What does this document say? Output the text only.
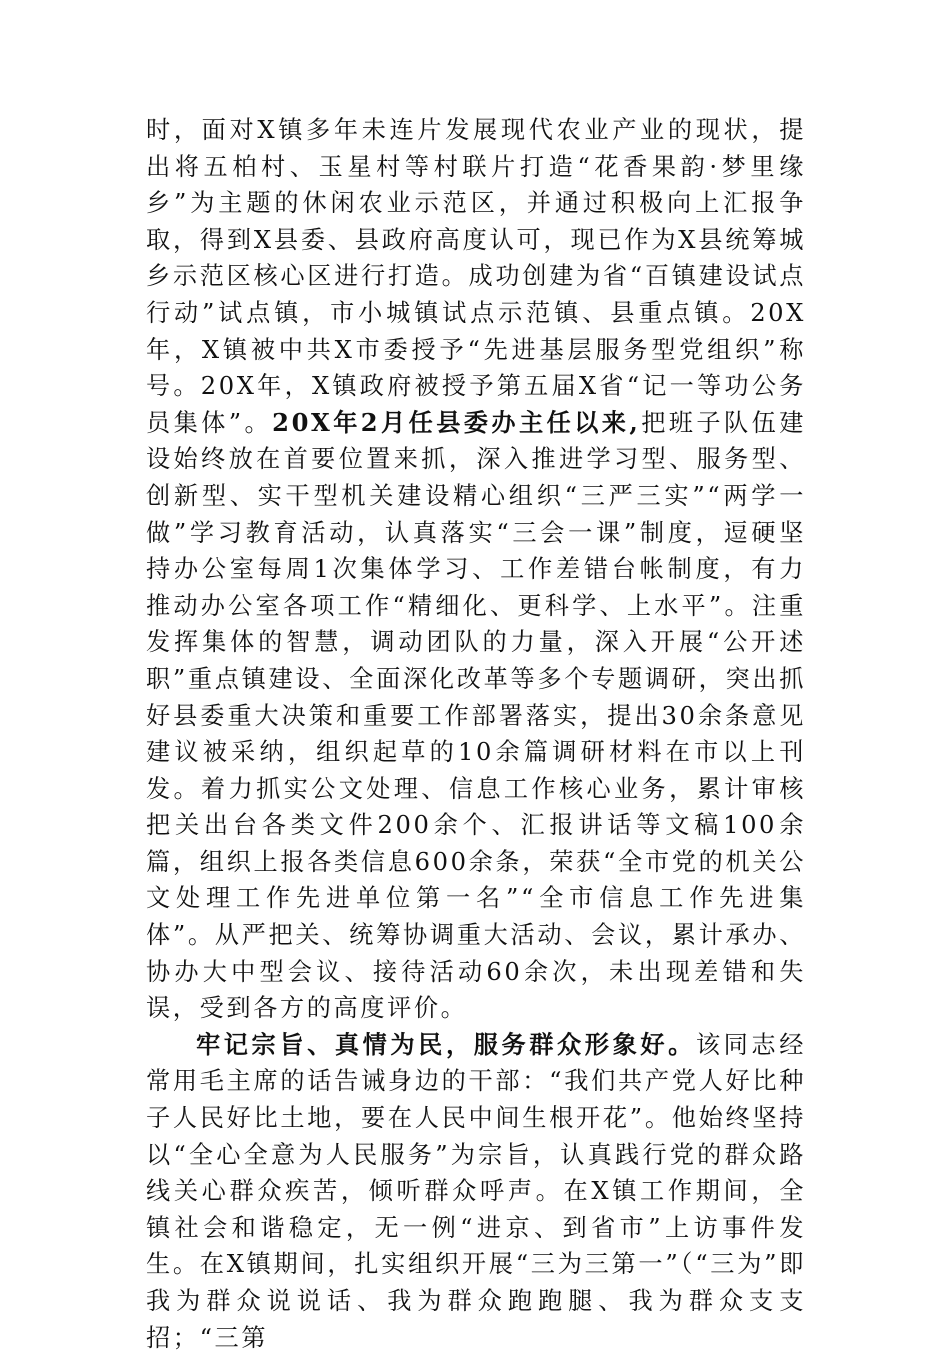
时，面对X镇多年未连片发展现代农业产业的现状，提出将五柏村、玉星村等村联片打造“花香果韵·梦里缘乡”为主题的休闲农业示范区，并通过积极向上汇报争取，得到X县委、县政府高度认可，现已作为X县统筹城乡示范区核心区进行打造。成功创建为省“百镇建设试点行动”试点镇，市小城镇试点示范镇、县重点镇。20X年，X镇被中共X市委授予“先进基层服务型党组织”称号。20X年，X镇政府被授予第五届X省“记一等功公务员集体”。20X年2月任县委办主任以来,把班子队伍建设始终放在首要位置来抓，深入推进学习型、服务型、创新型、实干型机关建设精心组织“三严三实”“两学一做”学习教育活动，认真落实“三会一课”制度，逗硬坚持办公室每周1次集体学习、工作差错台帐制度，有力推动办公室各项工作“精细化、更科学、上水平”。注重发挥集体的智慧，调动团队的力量，深入开展“公开述职”重点镇建设、全面深化改革等多个专题调研，突出抓好县委重大决策和重要工作部署落实，提出30余条意见建议被采纳，组织起草的10余篇调研材料在市以上刊发。着力抓实公文处理、信息工作核心业务，累计审核把关出台各类文件200余个、汇报讲话等文稿100余篇，组织上报各类信息600余条，荣获“全市党的机关公文处理工作先进单位第一名”“全市信息工作先进集体”。从严把关、统筹协调重大活动、会议，累计承办、协办大中型会议、接待活动60余次，未出现差错和失误，受到各方的高度评价。

牢记宗旨、真情为民，服务群众形象好。该同志经常用毛主席的话告诫身边的干部：“我们共产党人好比种子人民好比土地，要在人民中间生根开花”。他始终坚持以“全心全意为人民服务”为宗旨，认真践行党的群众路线关心群众疾苦，倾听群众呼声。在X镇工作期间，全镇社会和谐稳定，无一例“进京、到省市”上访事件发生。在X镇期间，扎实组织开展“三为三第一”（“三为”即我为群众说说话、我为群众跑跑腿、我为群众支支招；“三第
